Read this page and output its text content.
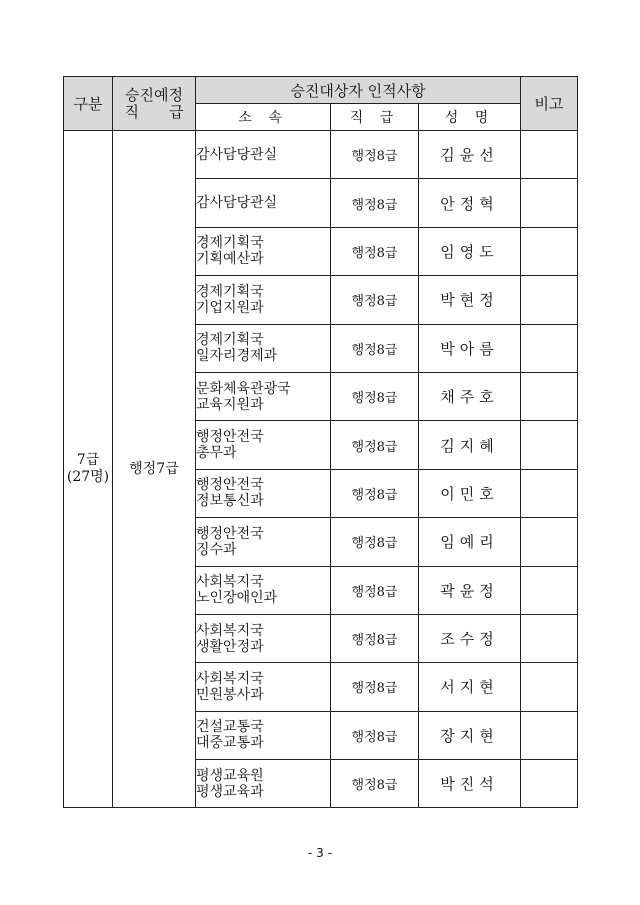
구분	승진예정
직　　급	승진대상자 인적사항			비고
		소 속	직 급	성 명	

7급
(27명)	행정7급	감사담당관실	행정8급	김윤선	

		감사담당관실	행정8급	안정혁	

		경제기획국
기획예산과	행정8급	임영도	

		경제기획국
기업지원과	행정8급	박현정	

		경제기획국
일자리경제과	행정8급	박아름	

		문화체육관광국
교육지원과	행정8급	채주호	

		행정안전국
총무과	행정8급	김지혜	

		행정안전국
정보통신과	행정8급	이민호	

		행정안전국
징수과	행정8급	임예리	

		사회복지국
노인장애인과	행정8급	곽윤정	

		사회복지국
생활안정과	행정8급	조수정	

		사회복지국
민원봉사과	행정8급	서지현	

		건설교통국
대중교통과	행정8급	장지현	

		평생교육원
평생교육과	행정8급	박진석	
- 3 -
